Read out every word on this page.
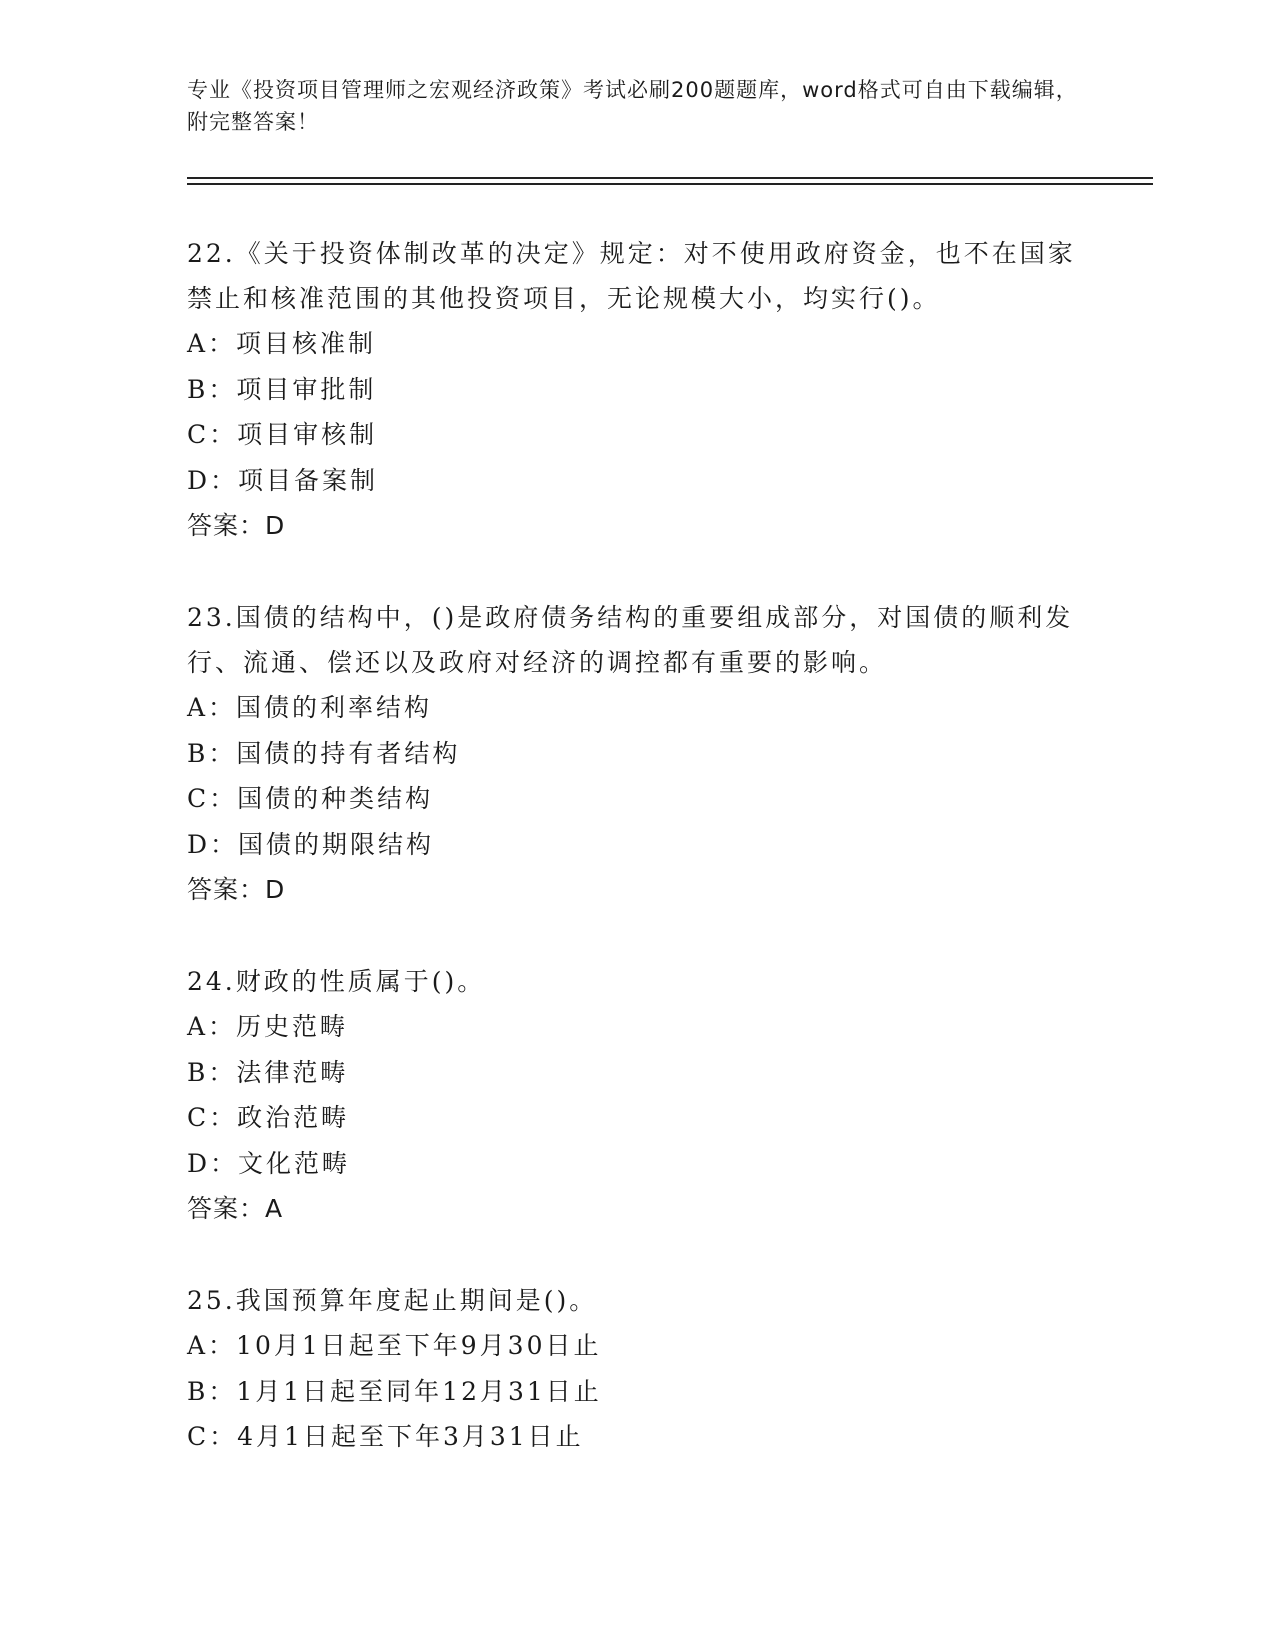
专业《投资项目管理师之宏观经济政策》考试必刷200题题库，word格式可自由下载编辑，附完整答案！

22.《关于投资体制改革的决定》规定：对不使用政府资金，也不在国家禁止和核准范围的其他投资项目，无论规模大小，均实行()。

A：项目核准制

B：项目审批制

C：项目审核制

D：项目备案制

答案：D

23.国债的结构中，()是政府债务结构的重要组成部分，对国债的顺利发行、流通、偿还以及政府对经济的调控都有重要的影响。

A：国债的利率结构

B：国债的持有者结构

C：国债的种类结构

D：国债的期限结构

答案：D

24.财政的性质属于()。

A：历史范畴

B：法律范畴

C：政治范畴

D：文化范畴

答案：A

25.我国预算年度起止期间是()。

A：10月1日起至下年9月30日止

B：1月1日起至同年12月31日止

C：4月1日起至下年3月31日止
